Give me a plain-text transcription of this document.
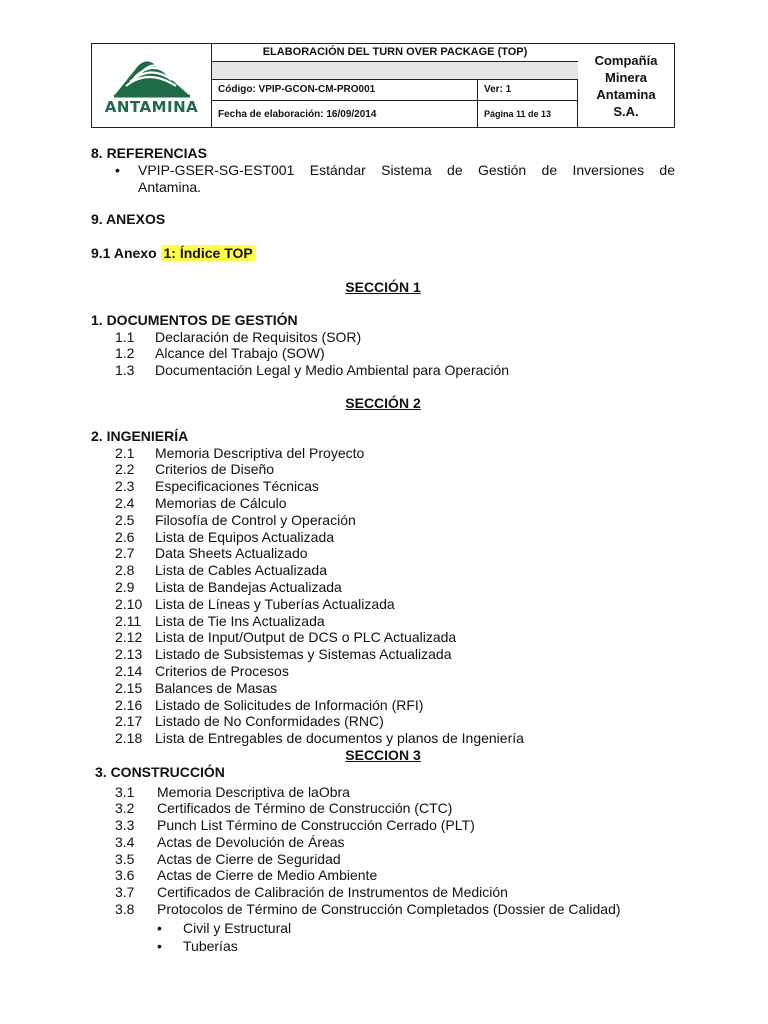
ANTAMINA
ELABORACIÓN DEL TURN OVER PACKAGE (TOP)
Código: VPIP-GCON-CM-PRO001	Ver: 1
Fecha de elaboración: 16/09/2014	Página 11 de 13
Compañía
Minera
Antamina
S.A.
8. REFERENCIAS
• VPIP-GSER-SG-EST001 Estándar Sistema de Gestión de Inversiones de
Antamina.
9. ANEXOS
9.1 Anexo 1: Índice TOP
SECCIÓN 1
1. DOCUMENTOS DE GESTIÓN
1.1 Declaración de Requisitos (SOR)
1.2 Alcance del Trabajo (SOW)
1.3 Documentación Legal y Medio Ambiental para Operación
SECCIÓN 2
2. INGENIERÍA
2.1 Memoria Descriptiva del Proyecto
2.2 Criterios de Diseño
2.3 Especificaciones Técnicas
2.4 Memorias de Cálculo
2.5 Filosofía de Control y Operación
2.6 Lista de Equipos Actualizada
2.7 Data Sheets Actualizado
2.8 Lista de Cables Actualizada
2.9 Lista de Bandejas Actualizada
2.10 Lista de Líneas y Tuberías Actualizada
2.11 Lista de Tie Ins Actualizada
2.12 Lista de Input/Output de DCS o PLC Actualizada
2.13 Listado de Subsistemas y Sistemas Actualizada
2.14 Criterios de Procesos
2.15 Balances de Masas
2.16 Listado de Solicitudes de Información (RFI)
2.17 Listado de No Conformidades (RNC)
2.18 Lista de Entregables de documentos y planos de Ingeniería
SECCION 3
3. CONSTRUCCIÓN
3.1 Memoria Descriptiva de laObra
3.2 Certificados de Término de Construcción (CTC)
3.3 Punch List Término de Construcción Cerrado (PLT)
3.4 Actas de Devolución de Áreas
3.5 Actas de Cierre de Seguridad
3.6 Actas de Cierre de Medio Ambiente
3.7 Certificados de Calibración de Instrumentos de Medición
3.8 Protocolos de Término de Construcción Completados (Dossier de Calidad)
• Civil y Estructural
• Tuberías
